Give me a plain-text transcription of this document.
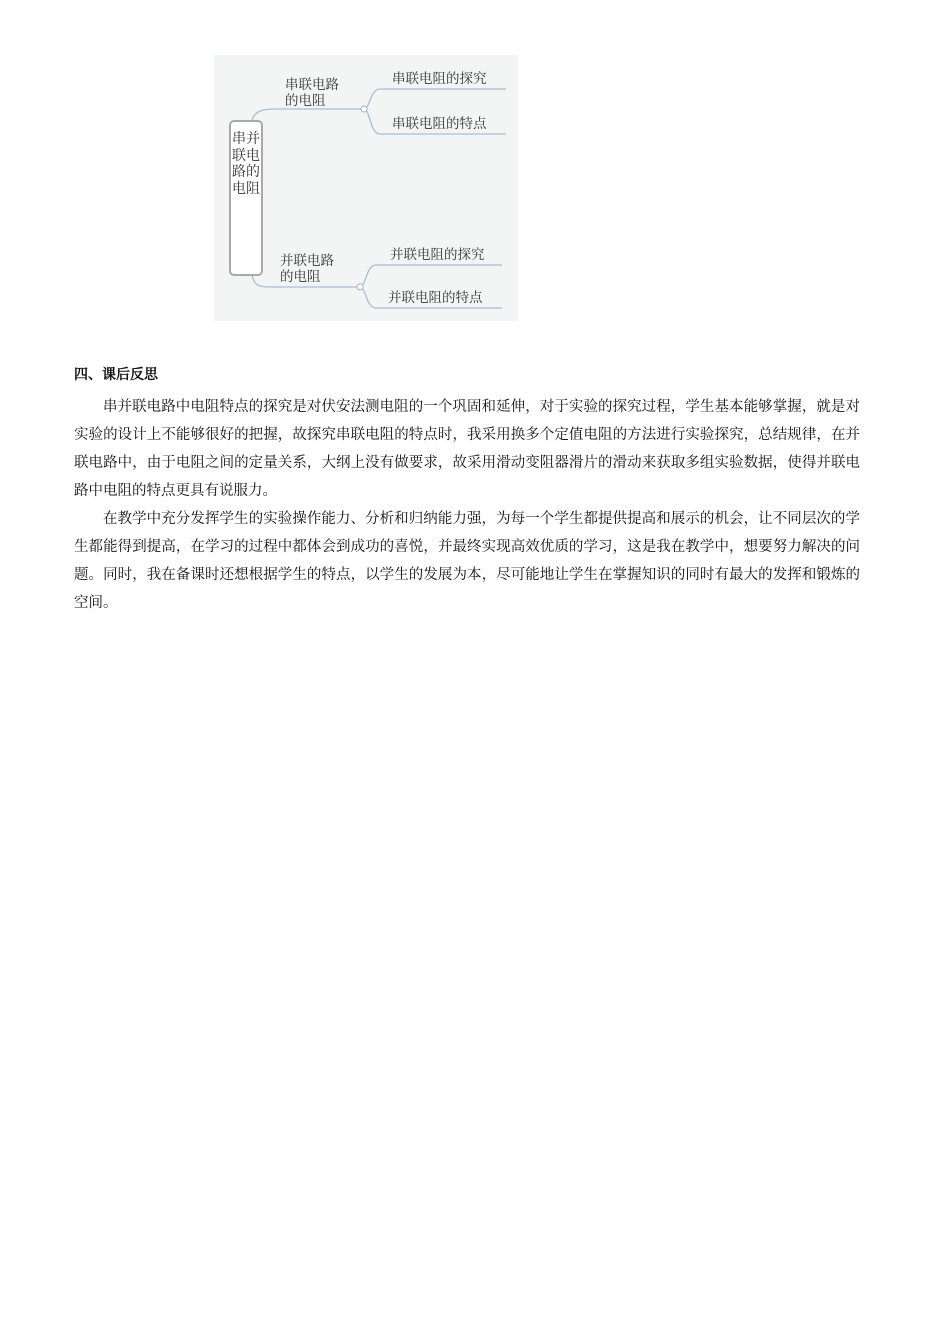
串并联电路的电阻
串联电路
的电阻
并联电路
的电阻
串联电阻的探究
串联电阻的特点
并联电阻的探究
并联电阻的特点
四、课后反思

串并联电路中电阻特点的探究是对伏安法测电阻的一个巩固和延伸，对于实验的探究过程，学生基本能够掌握，就是对实验的设计上不能够很好的把握，故探究串联电阻的特点时，我采用换多个定值电阻的方法进行实验探究，总结规律，在并联电路中，由于电阻之间的定量关系，大纲上没有做要求，故采用滑动变阻器滑片的滑动来获取多组实验数据，使得并联电路中电阻的特点更具有说服力。

在教学中充分发挥学生的实验操作能力、分析和归纳能力强，为每一个学生都提供提高和展示的机会，让不同层次的学生都能得到提高，在学习的过程中都体会到成功的喜悦，并最终实现高效优质的学习，这是我在教学中，想要努力解决的问题。同时，我在备课时还想根据学生的特点，以学生的发展为本，尽可能地让学生在掌握知识的同时有最大的发挥和锻炼的空间。
